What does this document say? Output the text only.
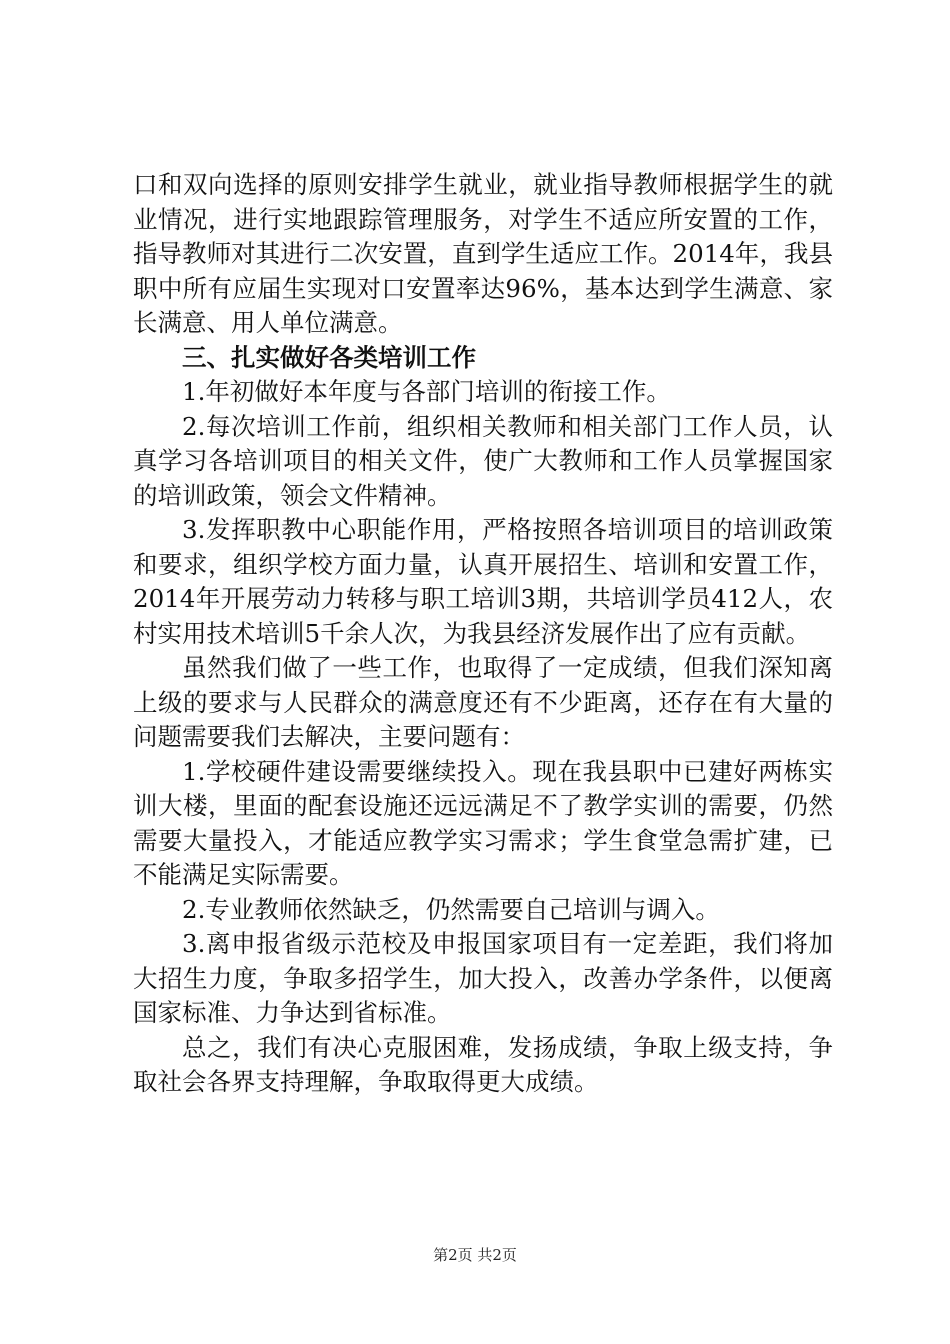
口和双向选择的原则安排学生就业，就业指导教师根据学生的就业情况，进行实地跟踪管理服务，对学生不适应所安置的工作，指导教师对其进行二次安置，直到学生适应工作。2014年，我县职中所有应届生实现对口安置率达96%，基本达到学生满意、家长满意、用人单位满意。

三、扎实做好各类培训工作

1.年初做好本年度与各部门培训的衔接工作。

2.每次培训工作前，组织相关教师和相关部门工作人员，认真学习各培训项目的相关文件，使广大教师和工作人员掌握国家的培训政策，领会文件精神。

3.发挥职教中心职能作用，严格按照各培训项目的培训政策和要求，组织学校方面力量，认真开展招生、培训和安置工作，2014年开展劳动力转移与职工培训3期，共培训学员412人，农村实用技术培训5千余人次，为我县经济发展作出了应有贡献。

虽然我们做了一些工作，也取得了一定成绩，但我们深知离上级的要求与人民群众的满意度还有不少距离，还存在有大量的问题需要我们去解决，主要问题有：

1.学校硬件建设需要继续投入。现在我县职中已建好两栋实训大楼，里面的配套设施还远远满足不了教学实训的需要，仍然需要大量投入，才能适应教学实习需求；学生食堂急需扩建，已不能满足实际需要。

2.专业教师依然缺乏，仍然需要自己培训与调入。

3.离申报省级示范校及申报国家项目有一定差距，我们将加大招生力度，争取多招学生，加大投入，改善办学条件，以便离国家标准、力争达到省标准。

总之，我们有决心克服困难，发扬成绩，争取上级支持，争取社会各界支持理解，争取取得更大成绩。

第2页 共2页
